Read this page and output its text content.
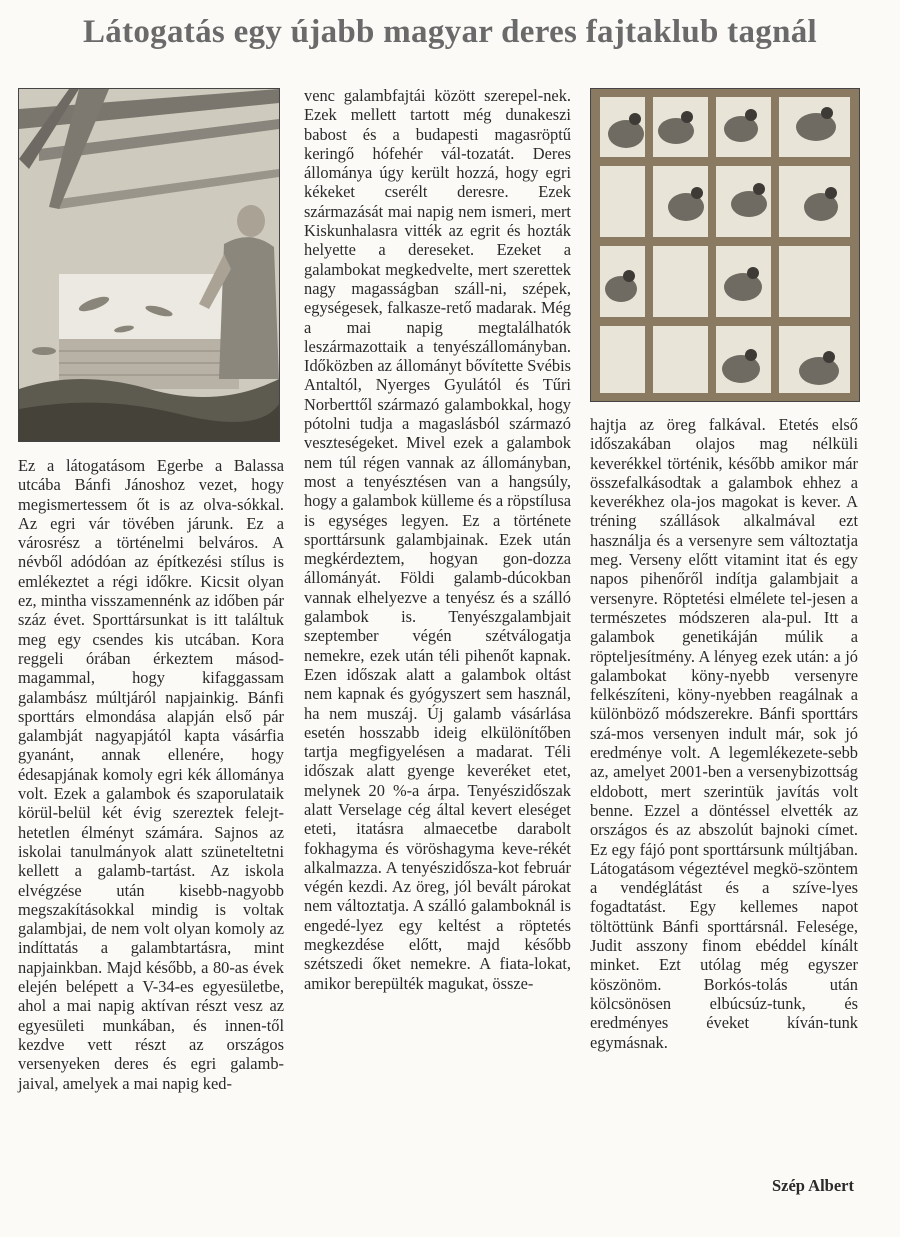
Látogatás egy újabb magyar deres fajtaklub tagnál

Ez a látogatásom Egerbe a Balassa utcába Bánfi Jánoshoz vezet, hogy megismertessem őt is az olva-sókkal. Az egri vár tövében járunk. Ez a városrész a történelmi belváros. A névből adódóan az építkezési stílus is emlékeztet a régi időkre. Kicsit olyan ez, mintha visszamennénk az időben pár száz évet. Sporttársunkat is itt találtuk meg egy csendes kis utcában. Kora reggeli órában érkeztem másod-magammal, hogy kifaggassam galambász múltjáról napjainkig. Bánfi sporttárs elmondása alapján első pár galambját nagyapjától kapta vásárfia gyanánt, annak ellenére, hogy édesapjának komoly egri kék állománya volt. Ezek a galambok és szaporulataik körül-belül két évig szereztek felejt-hetetlen élményt számára. Sajnos az iskolai tanulmányok alatt szüneteltetni kellett a galamb-tartást. Az iskola elvégzése után kisebb-nagyobb megszakításokkal mindig is voltak galambjai, de nem volt olyan komoly az indíttatás a galambtartásra, mint napjainkban. Majd később, a 80-as évek elején belépett a V-34-es egyesületbe, ahol a mai napig aktívan részt vesz az egyesületi munkában, és innen-től kezdve vett részt az országos versenyeken deres és egri galamb-jaival, amelyek a mai napig ked-

venc galambfajtái között szerepel-nek. Ezek mellett tartott még dunakeszi babost és a budapesti magasröptű keringő hófehér vál-tozatát. Deres állománya úgy került hozzá, hogy egri kékeket cserélt deresre. Ezek származását mai napig nem ismeri, mert Kiskunhalasra vitték az egrit és hozták helyette a dereseket. Ezeket a galambokat megkedvelte, mert szerettek nagy magasságban száll-ni, szépek, egységesek, falkasze-rető madarak. Még a mai napig megtalálhatók leszármazottaik a tenyészállományban. Időközben az állományt bővítette Svébis Antaltól, Nyerges Gyulától és Tűri Norberttől származó galambokkal, hogy pótolni tudja a magaslásból származó veszteségeket. Mivel ezek a galambok nem túl régen vannak az állományban, most a tenyésztésen van a hangsúly, hogy a galambok külleme és a röpstílusa is egységes legyen. Ez a története sporttársunk galambjainak. Ezek után megkérdeztem, hogyan gon-dozza állományát. Földi galamb-dúcokban vannak elhelyezve a tenyész és a szálló galambok is. Tenyészgalambjait szeptember végén szétválogatja nemekre, ezek után téli pihenőt kapnak. Ezen időszak alatt a galambok oltást nem kapnak és gyógyszert sem használ, ha nem muszáj. Új galamb vásárlása esetén hosszabb ideig elkülönítőben tartja megfigyelésen a madarat. Téli időszak alatt gyenge keveréket etet, melynek 20 %-a árpa. Tenyészidőszak alatt Verselage cég által kevert eleséget eteti, itatásra almaecetbe darabolt fokhagyma és vöröshagyma keve-rékét alkalmazza. A tenyészidősza-kot február végén kezdi. Az öreg, jól bevált párokat nem változtatja. A szálló galamboknál is engedé-lyez egy keltést a röptetés megkezdése előtt, majd később szétszedi őket nemekre. A fiata-lokat, amikor berepülték magukat, össze-

hajtja az öreg falkával. Etetés első időszakában olajos mag nélküli keverékkel történik, később amikor már összefalkásodtak a galambok ehhez a keverékhez ola-jos magokat is kever. A tréning szállások alkalmával ezt használja és a versenyre sem változtatja meg. Verseny előtt vitamint itat és egy napos pihenőről indítja galambjait a versenyre. Röptetési elmélete tel-jesen a természetes módszeren ala-pul. Itt a galambok genetikáján múlik a röpteljesítmény. A lényeg ezek után: a jó galambokat köny-nyebb versenyre felkészíteni, köny-nyebben reagálnak a különböző módszerekre. Bánfi sporttárs szá-mos versenyen indult már, sok jó eredménye volt. A legemlékezete-sebb az, amelyet 2001-ben a versenybizottság eldobott, mert szerintük javítás volt benne. Ezzel a döntéssel elvették az országos és az abszolút bajnoki címet. Ez egy fájó pont sporttársunk múltjában. Látogatásom végeztével megkö-szöntem a vendéglátást és a szíve-lyes fogadtatást. Egy kellemes napot töltöttünk Bánfi sporttársnál. Felesége, Judit asszony finom ebéddel kínált minket. Ezt utólag még egyszer köszönöm. Borkós-tolás után kölcsönösen elbúcsúz-tunk, és eredményes éveket kíván-tunk egymásnak.

Szép Albert
